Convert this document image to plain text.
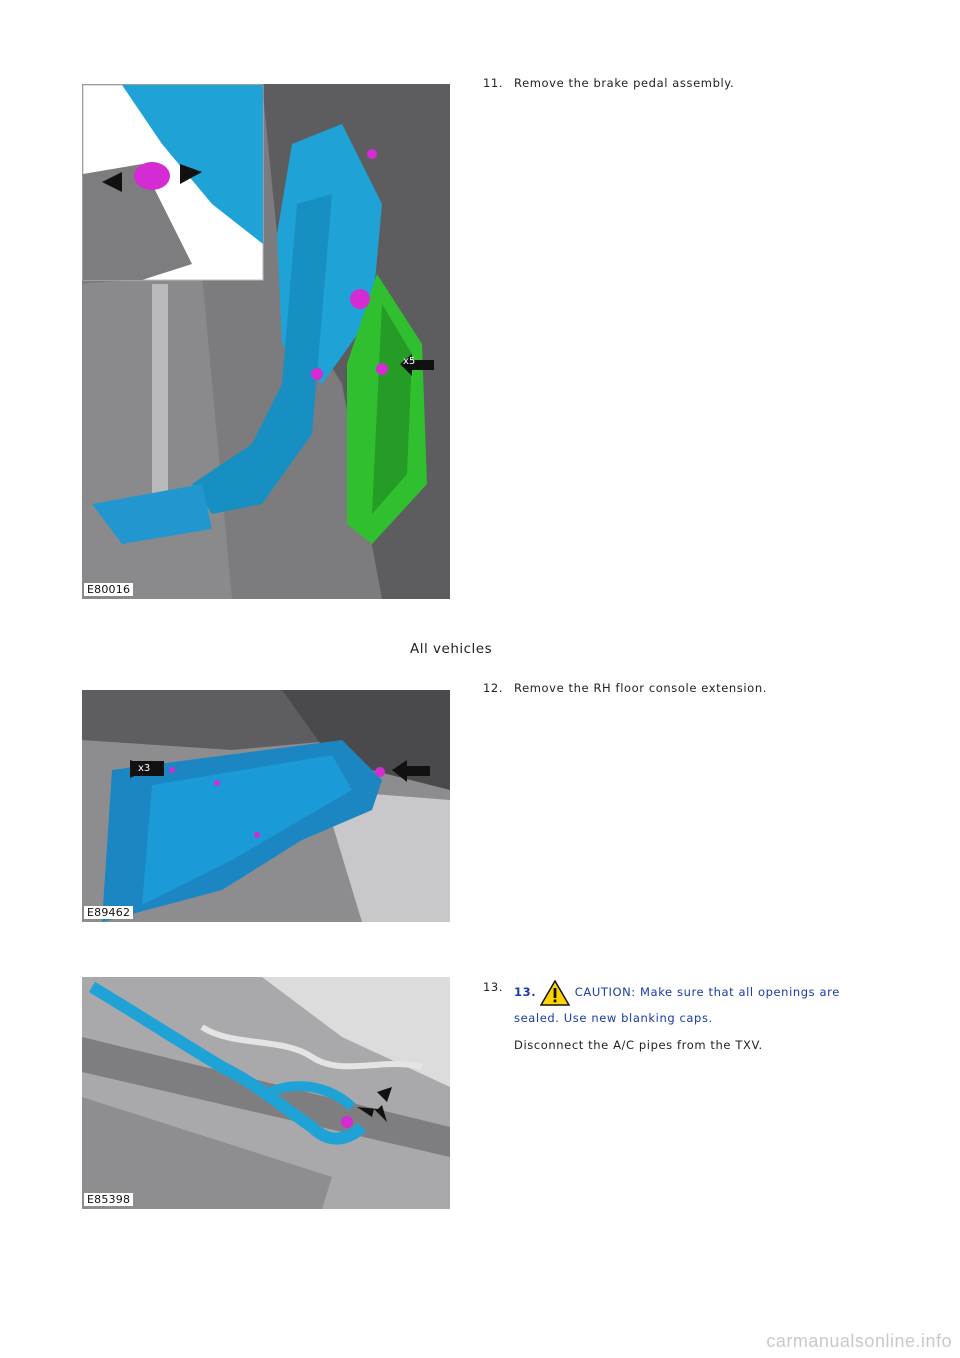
x5
E80016
11. Remove the brake pedal assembly.
All vehicles
x3
E89462
12. Remove the RH floor console extension.
E85398
13. 13.	CAUTION: Make sure that all openings are sealed. Use new blanking caps.
Disconnect the A/C pipes from the TXV.
carmanualsonline.info
